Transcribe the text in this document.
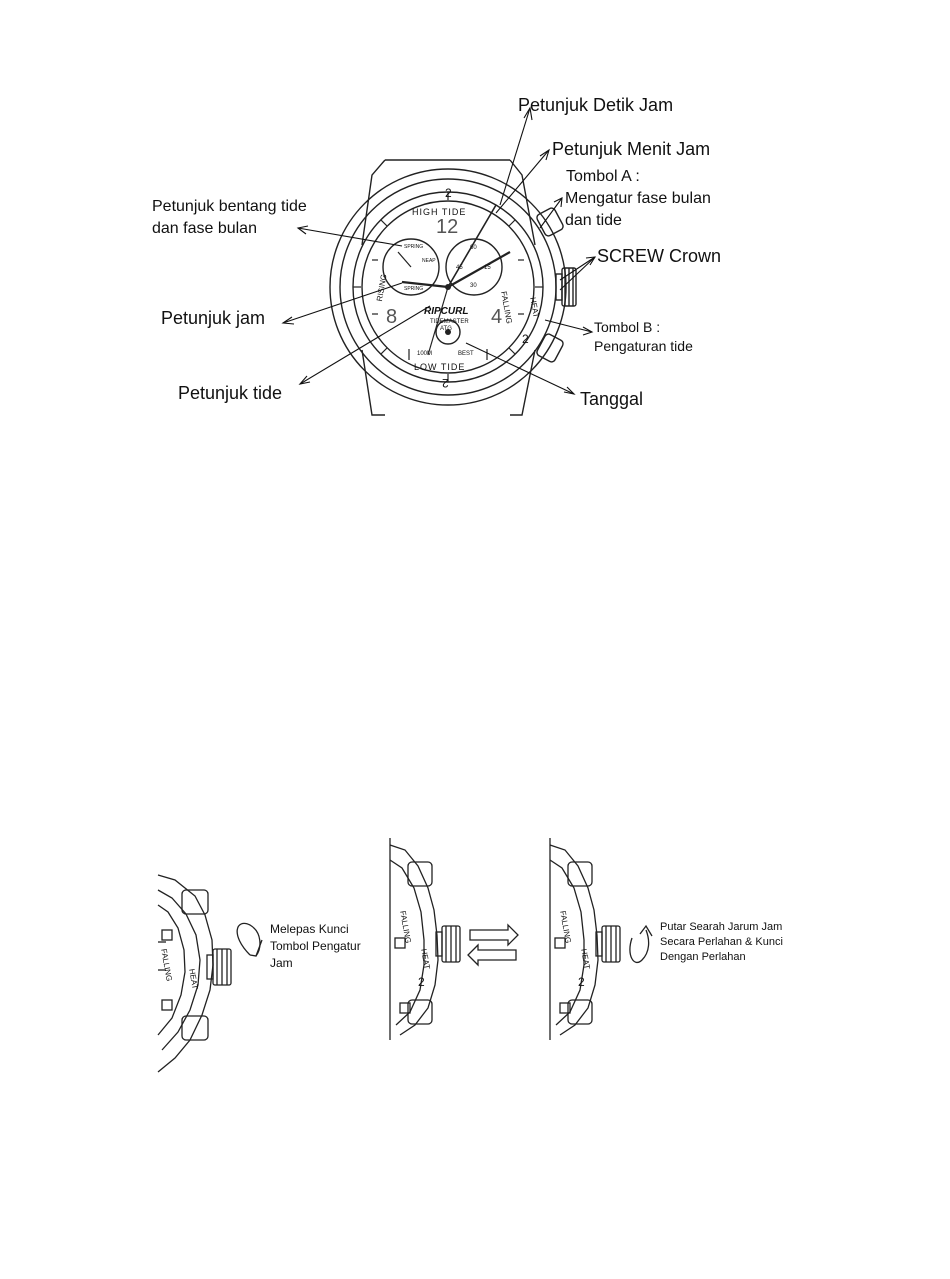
HIGH TIDE
LOW TIDE
FALLING	HEAT
RISING
12
8	4
RIPCURL
TIDEMASTER
ATG
SPRING
NEAP
SPRING
45	15
30
60
100M	BEST
2
2
2
Petunjuk Detik Jam
Petunjuk Menit Jam
Tombol A :
Mengatur fase bulan
dan tide
Petunjuk bentang tide
dan fase bulan
SCREW Crown
Petunjuk jam	Tombol B :
Pengaturan tide
Petunjuk tide	Tanggal
FALLING HEAT
FALLING
HEAT
2
FALLING
HEAT
2
Melepas Kunci
Tombol Pengatur
Jam
Putar Searah Jarum Jam
Secara Perlahan & Kunci
Dengan Perlahan
